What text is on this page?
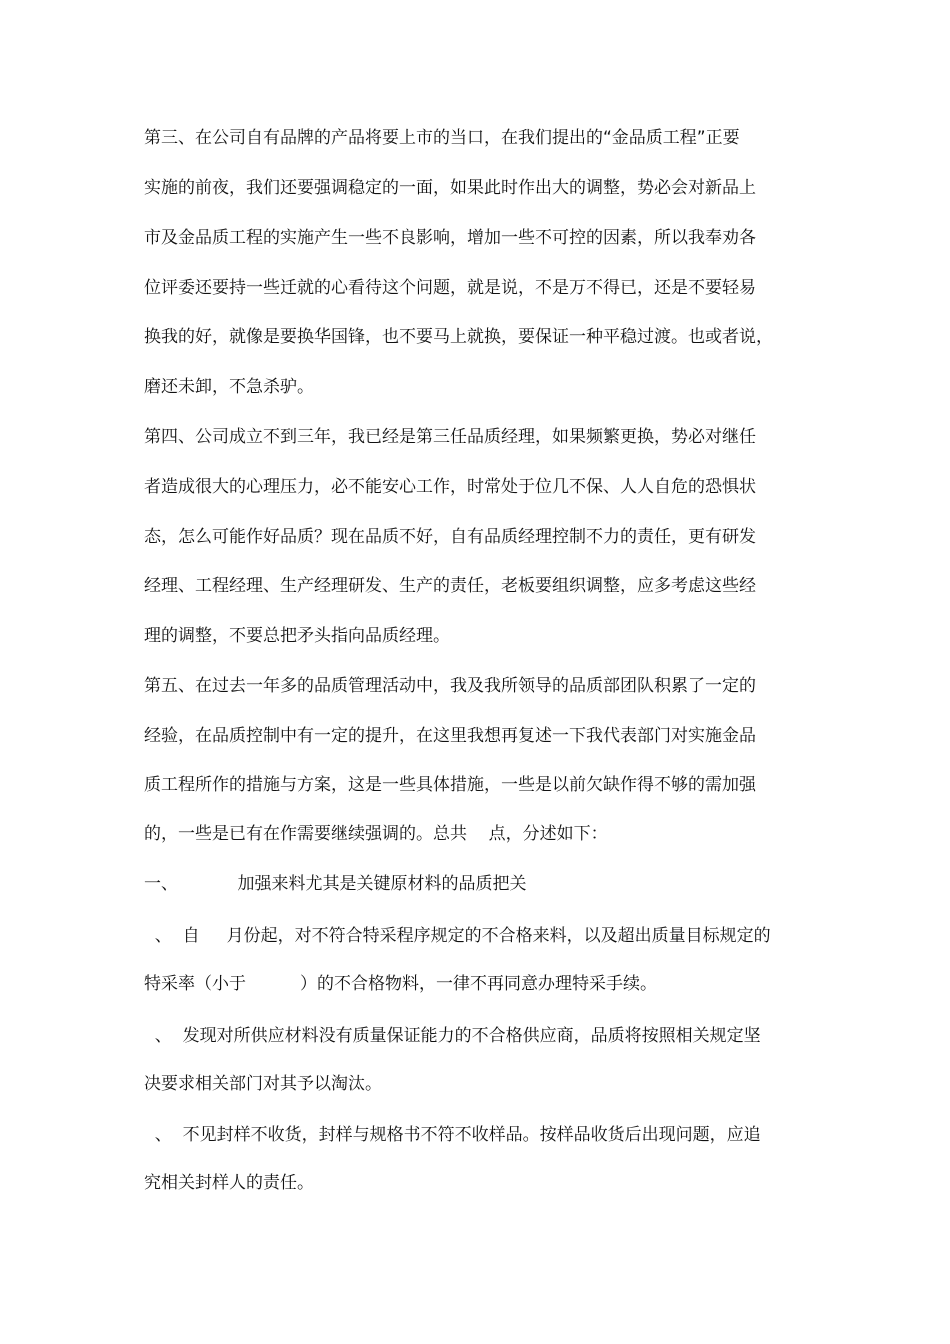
第三、在公司自有品牌的产品将要上市的当口，在我们提出的“金品质工程”正要
实施的前夜，我们还要强调稳定的一面，如果此时作出大的调整，势必会对新品上
市及金品质工程的实施产生一些不良影响，增加一些不可控的因素，所以我奉劝各
位评委还要持一些迁就的心看待这个问题，就是说，不是万不得已，还是不要轻易
换我的好，就像是要换华国锋，也不要马上就换，要保证一种平稳过渡。也或者说，
磨还未卸，不急杀驴。
第四、公司成立不到三年，我已经是第三任品质经理，如果频繁更换，势必对继任
者造成很大的心理压力，必不能安心工作，时常处于位几不保、人人自危的恐惧状
态，怎么可能作好品质？现在品质不好，自有品质经理控制不力的责任，更有研发
经理、工程经理、生产经理研发、生产的责任，老板要组织调整，应多考虑这些经
理的调整，不要总把矛头指向品质经理。
第五、在过去一年多的品质管理活动中，我及我所领导的品质部团队积累了一定的
经验，在品质控制中有一定的提升，在这里我想再复述一下我代表部门对实施金品
质工程所作的措施与方案，这是一些具体措施，一些是以前欠缺作得不够的需加强
的，一些是已有在作需要继续强调的。总共    点，分述如下：
一、           加强来料尤其是关键原材料的品质把关
、  自     月份起，对不符合特采程序规定的不合格来料，以及超出质量目标规定的
特采率（小于          ）的不合格物料，一律不再同意办理特采手续。
、  发现对所供应材料没有质量保证能力的不合格供应商，品质将按照相关规定坚
决要求相关部门对其予以淘汰。
、  不见封样不收货，封样与规格书不符不收样品。按样品收货后出现问题，应追
究相关封样人的责任。
